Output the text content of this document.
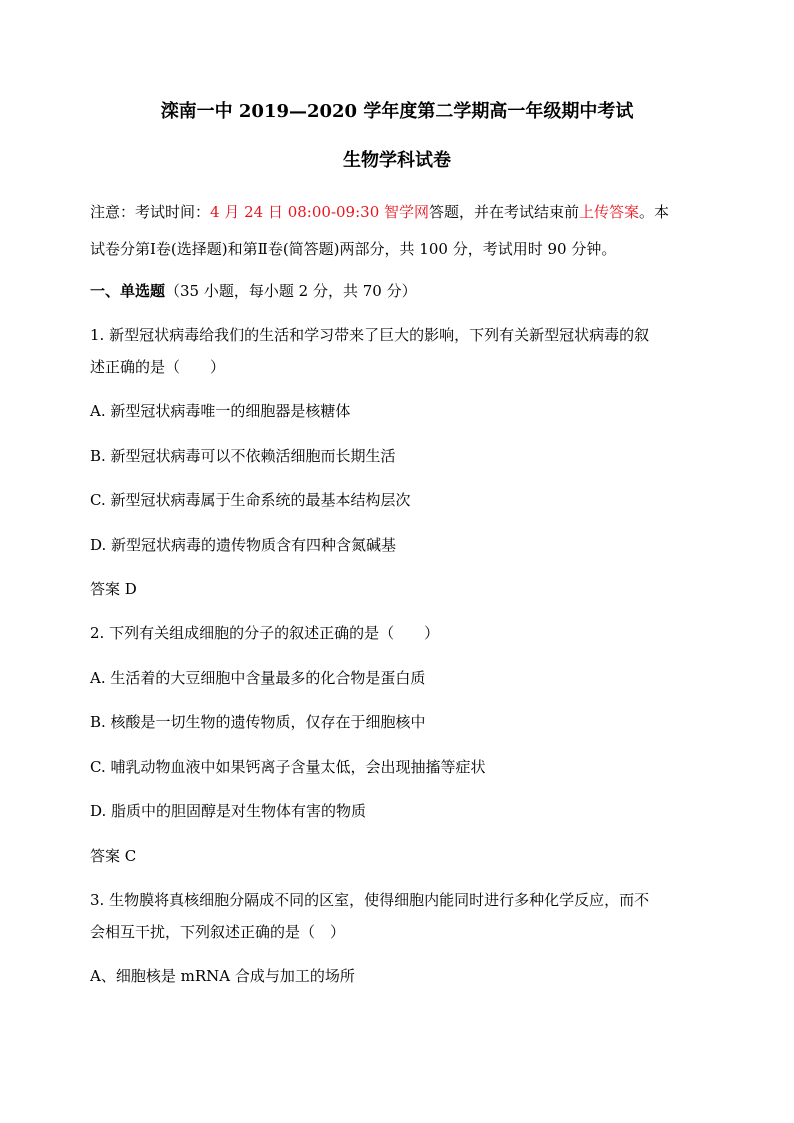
滦南一中 2019—2020 学年度第二学期高一年级期中考试
生物学科试卷
注意：考试时间：4 月 24 日 08:00-09:30 智学网答题，并在考试结束前上传答案。本
试卷分第Ⅰ卷(选择题)和第Ⅱ卷(简答题)两部分，共 100 分，考试用时 90 分钟。
一、单选题（35 小题，每小题 2 分，共 70 分）
1. 新型冠状病毒给我们的生活和学习带来了巨大的影响，下列有关新型冠状病毒的叙
述正确的是（　　）
A. 新型冠状病毒唯一的细胞器是核糖体
B. 新型冠状病毒可以不依赖活细胞而长期生活
C. 新型冠状病毒属于生命系统的最基本结构层次
D. 新型冠状病毒的遗传物质含有四种含氮碱基
答案 D
2. 下列有关组成细胞的分子的叙述正确的是（　　）
A. 生活着的大豆细胞中含量最多的化合物是蛋白质
B. 核酸是一切生物的遗传物质，仅存在于细胞核中
C. 哺乳动物血液中如果钙离子含量太低，会出现抽搐等症状
D. 脂质中的胆固醇是对生物体有害的物质
答案 C
3. 生物膜将真核细胞分隔成不同的区室，使得细胞内能同时进行多种化学反应，而不
会相互干扰，下列叙述正确的是（　）
A、细胞核是 mRNA 合成与加工的场所
